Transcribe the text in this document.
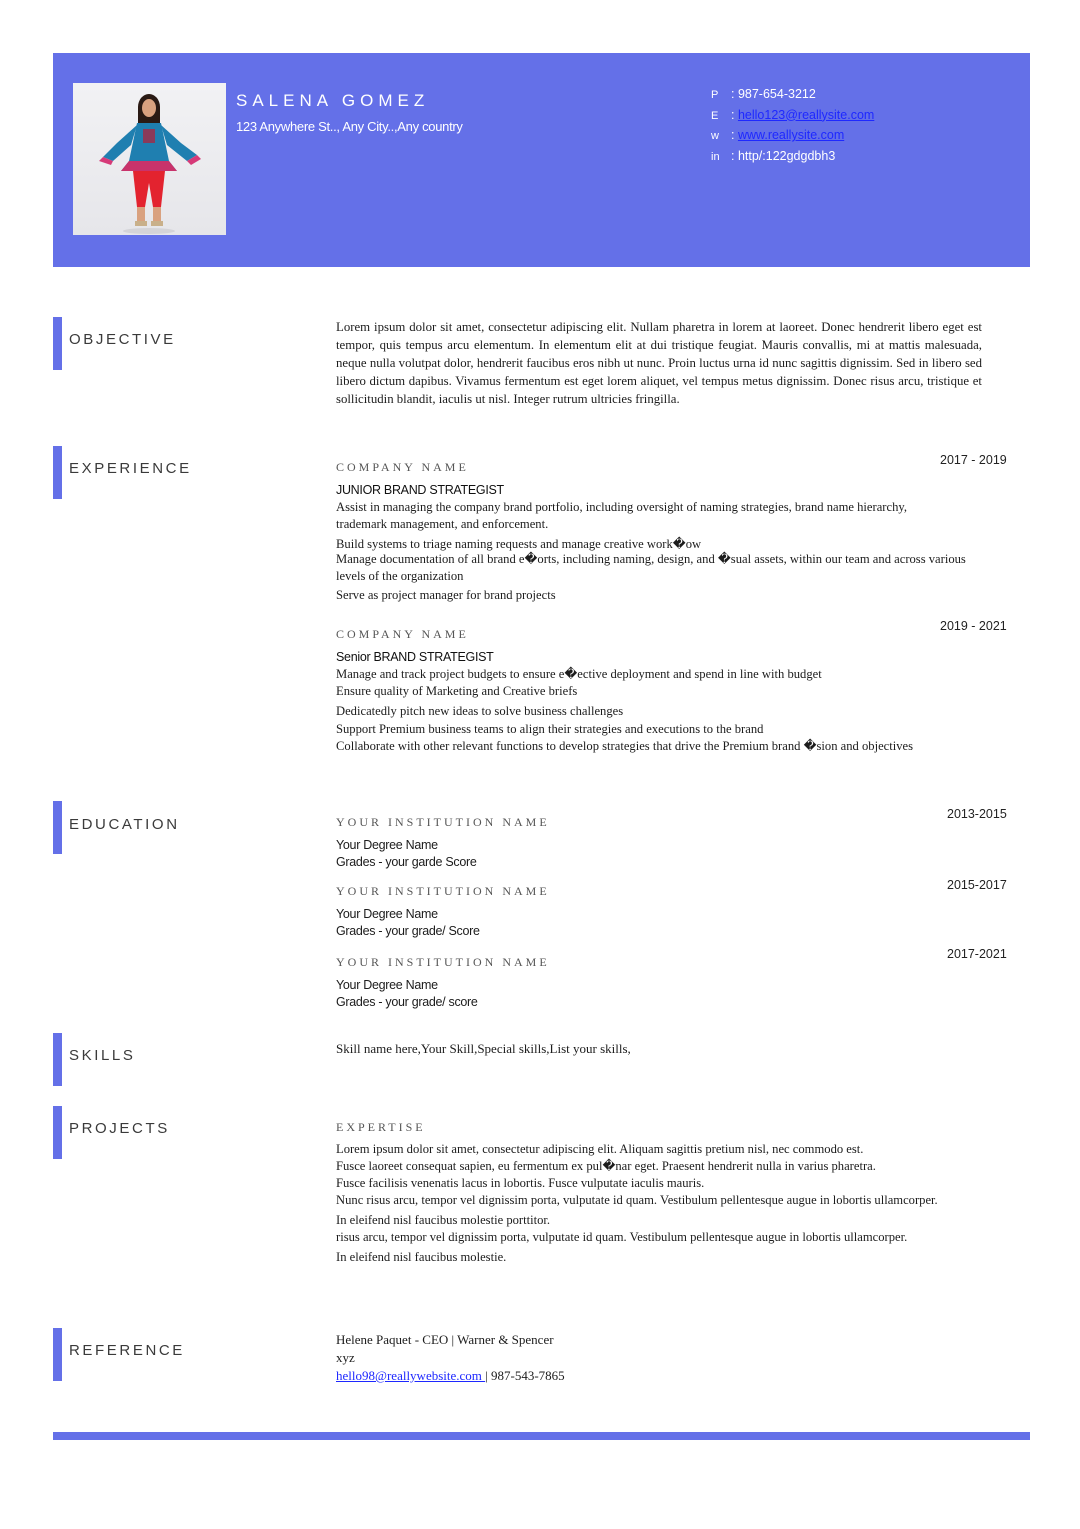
SALENA GOMEZ
123 Anywhere St.., Any City..,Any country
P : 987-654-3212
E : hello123@reallysite.com
w : www.reallysite.com
in : http/:122gdgdbh3
OBJECTIVE
Lorem ipsum dolor sit amet, consectetur adipiscing elit. Nullam pharetra in lorem at laoreet. Donec hendrerit libero eget est tempor, quis tempus arcu elementum. In elementum elit at dui tristique feugiat. Mauris convallis, mi at mattis malesuada, neque nulla volutpat dolor, hendrerit faucibus eros nibh ut nunc. Proin luctus urna id nunc sagittis dignissim. Sed in libero sed libero dictum dapibus. Vivamus fermentum est eget lorem aliquet, vel tempus metus dignissim. Donec risus arcu, tristique et sollicitudin blandit, iaculis ut nisl. Integer rutrum ultricies fringilla.
EXPERIENCE	2017 - 2019
COMPANY NAME
JUNIOR BRAND STRATEGIST
Assist in managing the company brand portfolio, including oversight of naming strategies, brand name hierarchy, trademark management, and enforcement.
Build systems to triage naming requests and manage creative work�ow
Manage documentation of all brand e�orts, including naming, design, and �sual assets, within our team and across various levels of the organization
Serve as project manager for brand projects
2019 - 2021
COMPANY NAME
Senior BRAND STRATEGIST
Manage and track project budgets to ensure e�ective deployment and spend in line with budget
Ensure quality of Marketing and Creative briefs
Dedicatedly pitch new ideas to solve business challenges
Support Premium business teams to align their strategies and executions to the brand
Collaborate with other relevant functions to develop strategies that drive the Premium brand �sion and objectives
EDUCATION
2013-2015
YOUR INSTITUTION NAME
Your Degree Name
Grades - your garde Score
2015-2017
YOUR INSTITUTION NAME
Your Degree Name
Grades - your grade/ Score
2017-2021
YOUR INSTITUTION NAME
Your Degree Name
Grades - your grade/ score
SKILLS	Skill name here,Your Skill,Special skills,List your skills,
PROJECTS	EXPERTISE
Lorem ipsum dolor sit amet, consectetur adipiscing elit. Aliquam sagittis pretium nisl, nec commodo est.
Fusce laoreet consequat sapien, eu fermentum ex pul�nar eget. Praesent hendrerit nulla in varius pharetra.
Fusce facilisis venenatis lacus in lobortis. Fusce vulputate iaculis mauris.
Nunc risus arcu, tempor vel dignissim porta, vulputate id quam. Vestibulum pellentesque augue in lobortis ullamcorper.
In eleifend nisl faucibus molestie porttitor.
risus arcu, tempor vel dignissim porta, vulputate id quam. Vestibulum pellentesque augue in lobortis ullamcorper.
In eleifend nisl faucibus molestie.
REFERENCE
Helene Paquet - CEO | Warner & Spencer
xyz
hello98@reallywebsite.com | 987-543-7865
